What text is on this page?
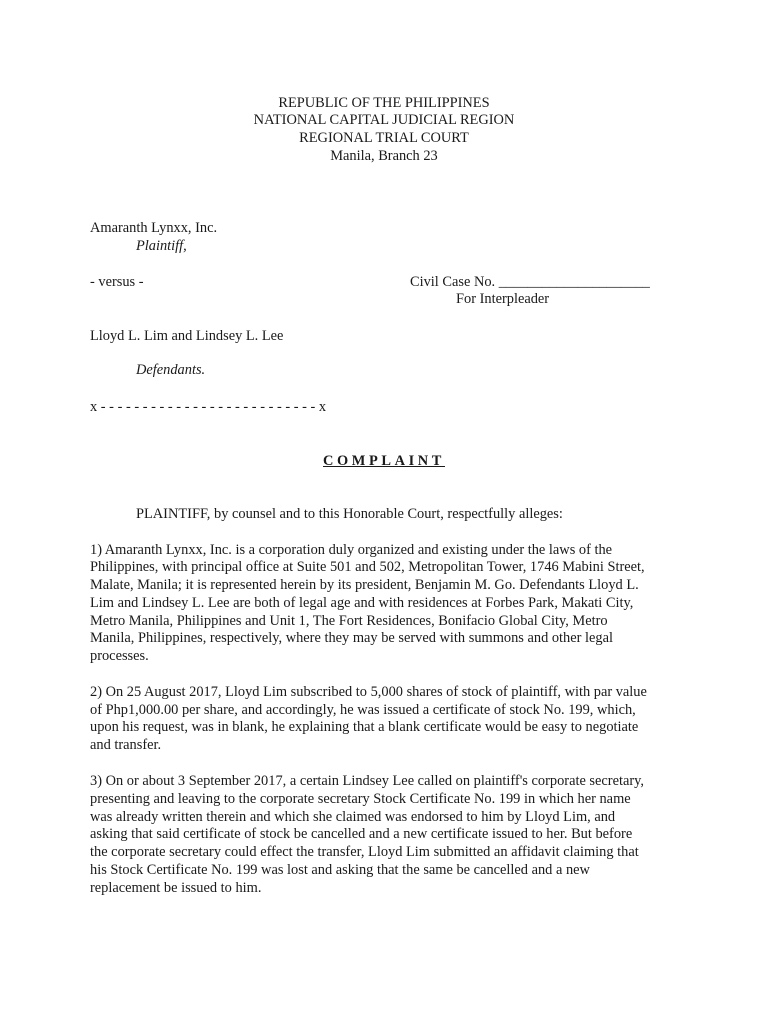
REPUBLIC OF THE PHILIPPINES
NATIONAL CAPITAL JUDICIAL REGION
REGIONAL TRIAL COURT
Manila, Branch 23
Amaranth Lynxx, Inc.
Plaintiff,
- versus -	Civil Case No. _____________________
For Interpleader
Lloyd L. Lim and Lindsey L. Lee
Defendants.
x - - - - - - - - - - - - - - - - - - - - - - - - - - x
COMPLAINT
PLAINTIFF, by counsel and to this Honorable Court, respectfully alleges:
1) Amaranth Lynxx, Inc. is a corporation duly organized and existing under the laws of the
Philippines, with principal office at Suite 501 and 502, Metropolitan Tower, 1746 Mabini Street,
Malate, Manila; it is represented herein by its president, Benjamin M. Go. Defendants Lloyd L.
Lim and Lindsey L. Lee are both of legal age and with residences at Forbes Park, Makati City,
Metro Manila, Philippines and Unit 1, The Fort Residences, Bonifacio Global City, Metro
Manila, Philippines, respectively, where they may be served with summons and other legal
processes.
2) On 25 August 2017, Lloyd Lim subscribed to 5,000 shares of stock of plaintiff, with par value
of Php1,000.00 per share, and accordingly, he was issued a certificate of stock No. 199, which,
upon his request, was in blank, he explaining that a blank certificate would be easy to negotiate
and transfer.
3) On or about 3 September 2017, a certain Lindsey Lee called on plaintiff's corporate secretary,
presenting and leaving to the corporate secretary Stock Certificate No. 199 in which her name
was already written therein and which she claimed was endorsed to him by Lloyd Lim, and
asking that said certificate of stock be cancelled and a new certificate issued to her. But before
the corporate secretary could effect the transfer, Lloyd Lim submitted an affidavit claiming that
his Stock Certificate No. 199 was lost and asking that the same be cancelled and a new
replacement be issued to him.
